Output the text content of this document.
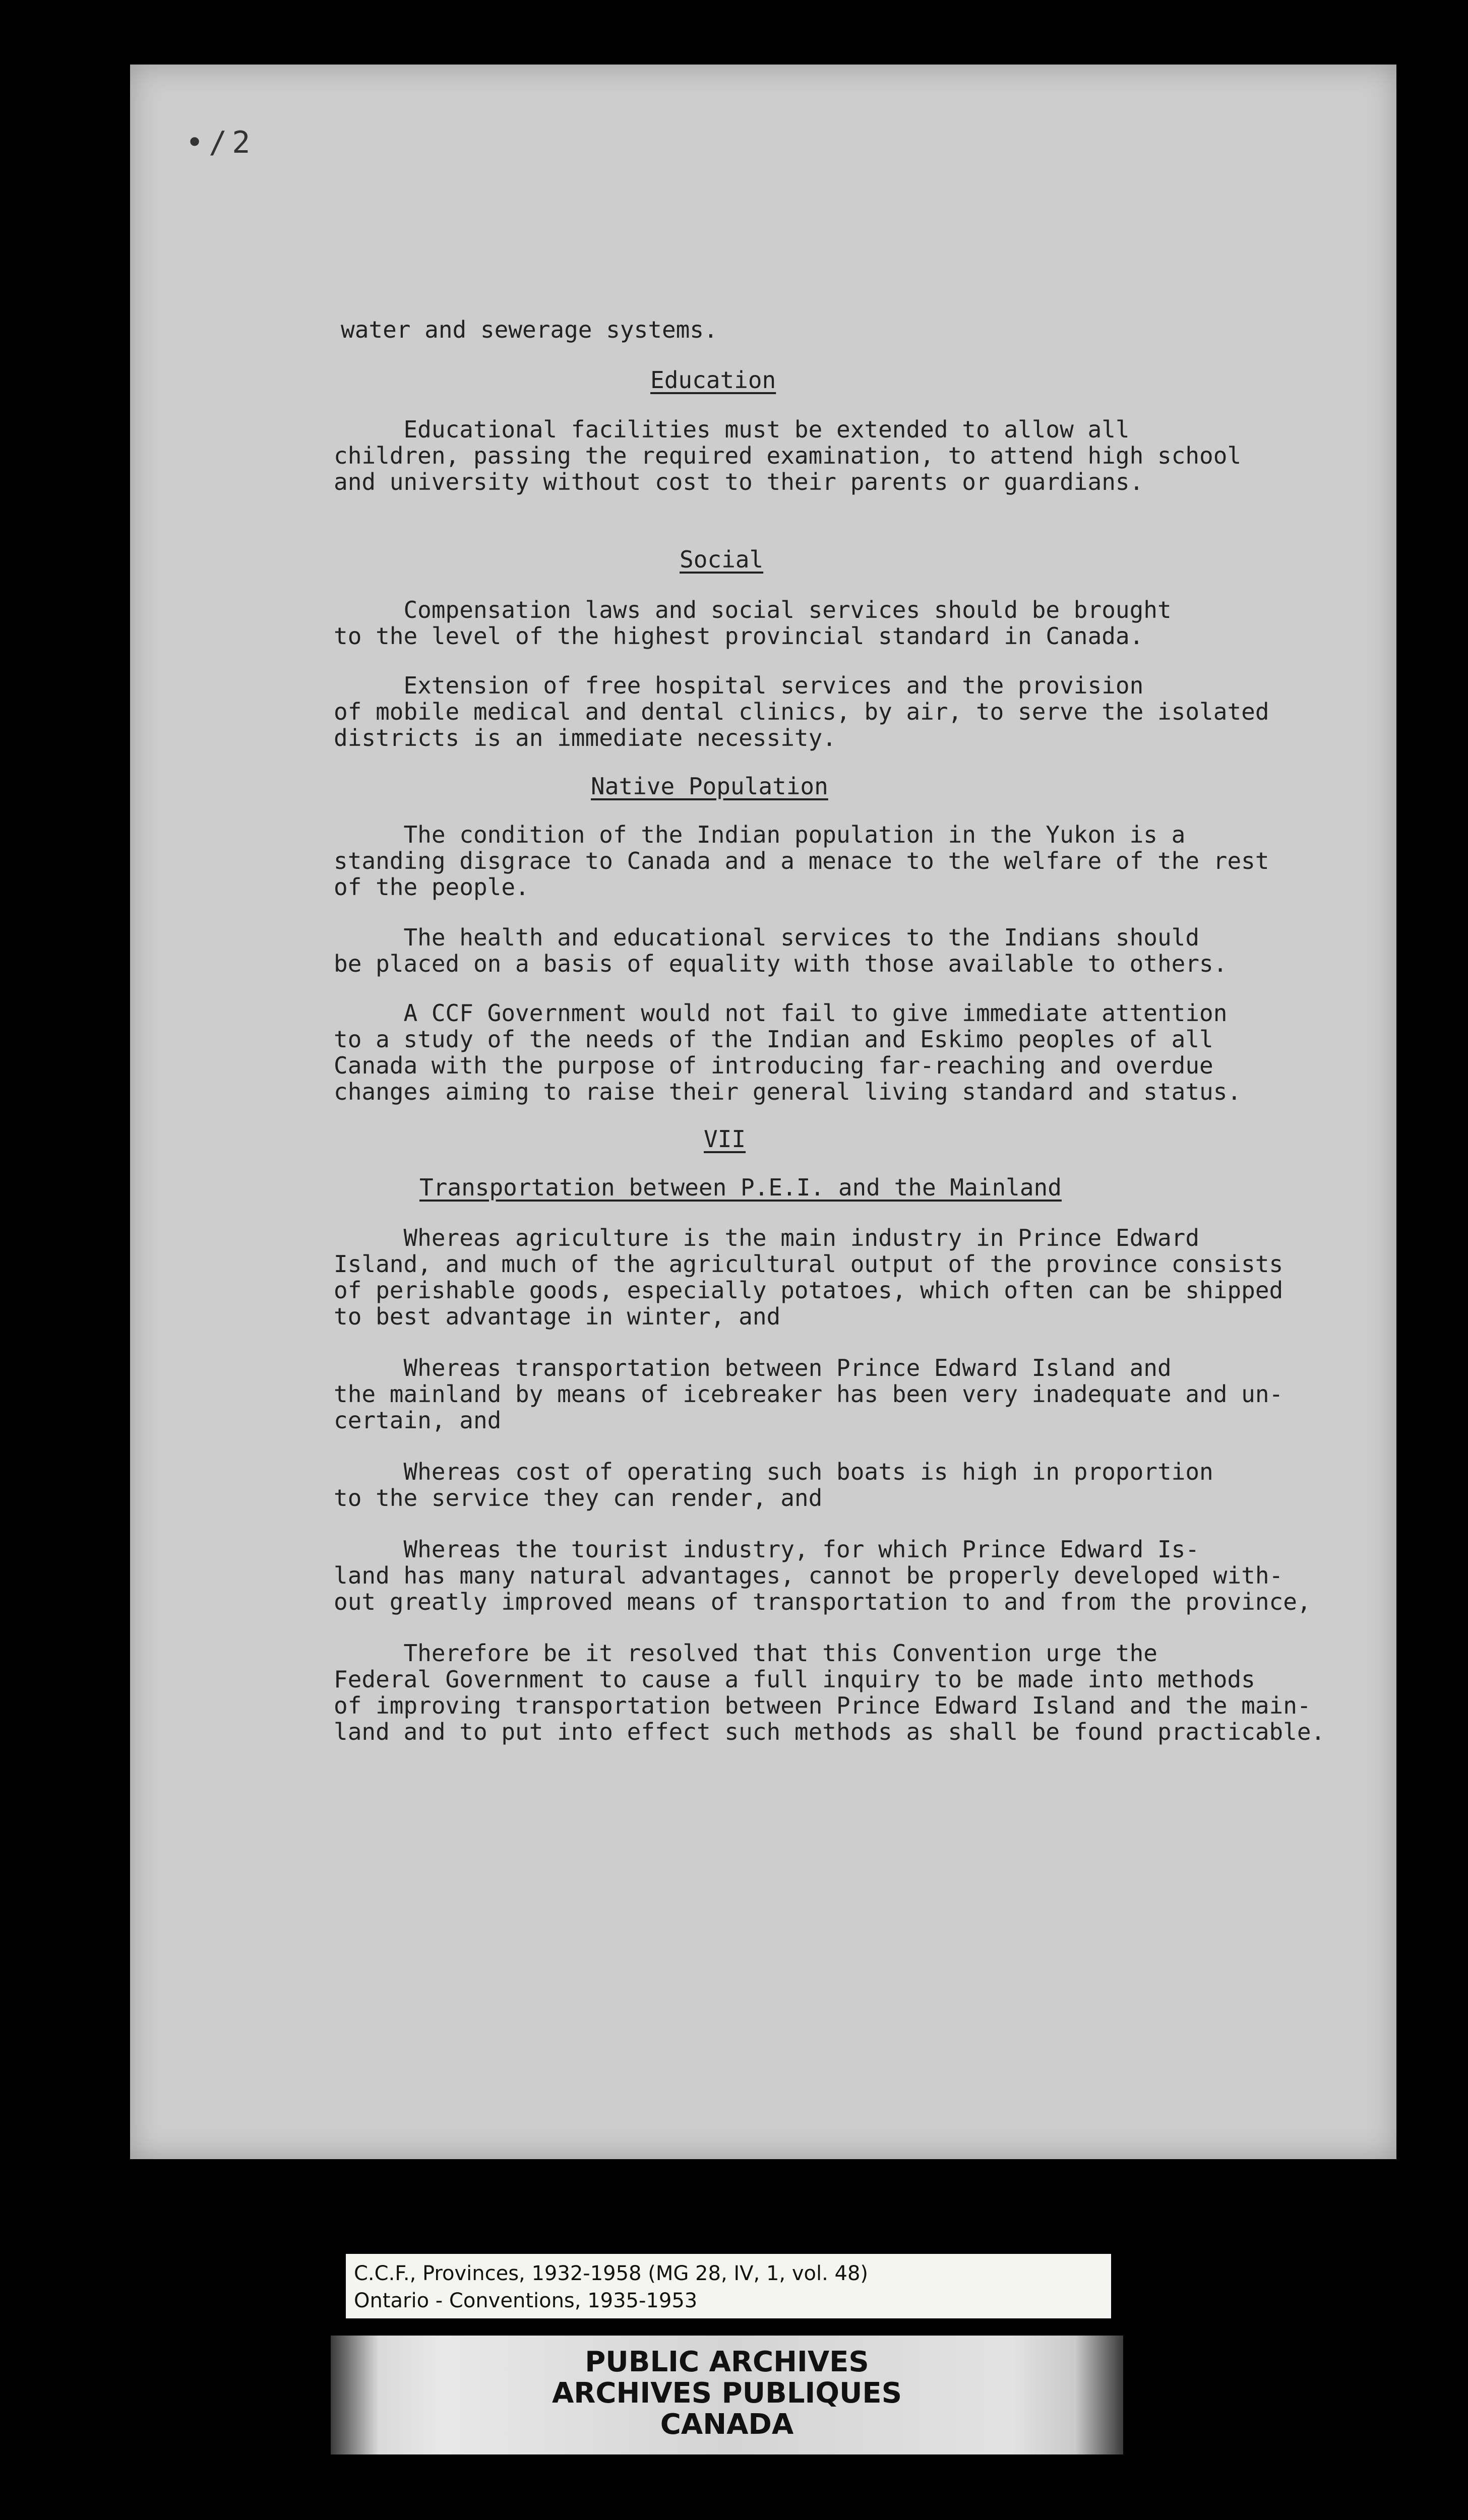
•/2

water and sewerage systems.

Education

Educational facilities must be extended to allow all

children, passing the required examination, to attend high school

and university without cost to their parents or guardians.

Social

Compensation laws and social services should be brought

to the level of the highest provincial standard in Canada.

Extension of free hospital services and the provision

of mobile medical and dental clinics, by air, to serve the isolated

districts is an immediate necessity.

Native Population

The condition of the Indian population in the Yukon is a

standing disgrace to Canada and a menace to the welfare of the rest

of the people.

The health and educational services to the Indians should

be placed on a basis of equality with those available to others.

A CCF Government would not fail to give immediate attention

to a study of the needs of the Indian and Eskimo peoples of all

Canada with the purpose of introducing far-reaching and overdue

changes aiming to raise their general living standard and status.

VII

Transportation between P.E.I. and the Mainland

Whereas agriculture is the main industry in Prince Edward

Island, and much of the agricultural output of the province consists

of perishable goods, especially potatoes, which often can be shipped

to best advantage in winter, and

Whereas transportation between Prince Edward Island and

the mainland by means of icebreaker has been very inadequate and un-

certain, and

Whereas cost of operating such boats is high in proportion

to the service they can render, and

Whereas the tourist industry, for which Prince Edward Is-

land has many natural advantages, cannot be properly developed with-

out greatly improved means of transportation to and from the province,

Therefore be it resolved that this Convention urge the

Federal Government to cause a full inquiry to be made into methods

of improving transportation between Prince Edward Island and the main-

land and to put into effect such methods as shall be found practicable.

C.C.F., Provinces, 1932-1958 (MG 28, IV, 1, vol. 48)
Ontario - Conventions, 1935-1953
PUBLIC ARCHIVES
ARCHIVES PUBLIQUES
CANADA
